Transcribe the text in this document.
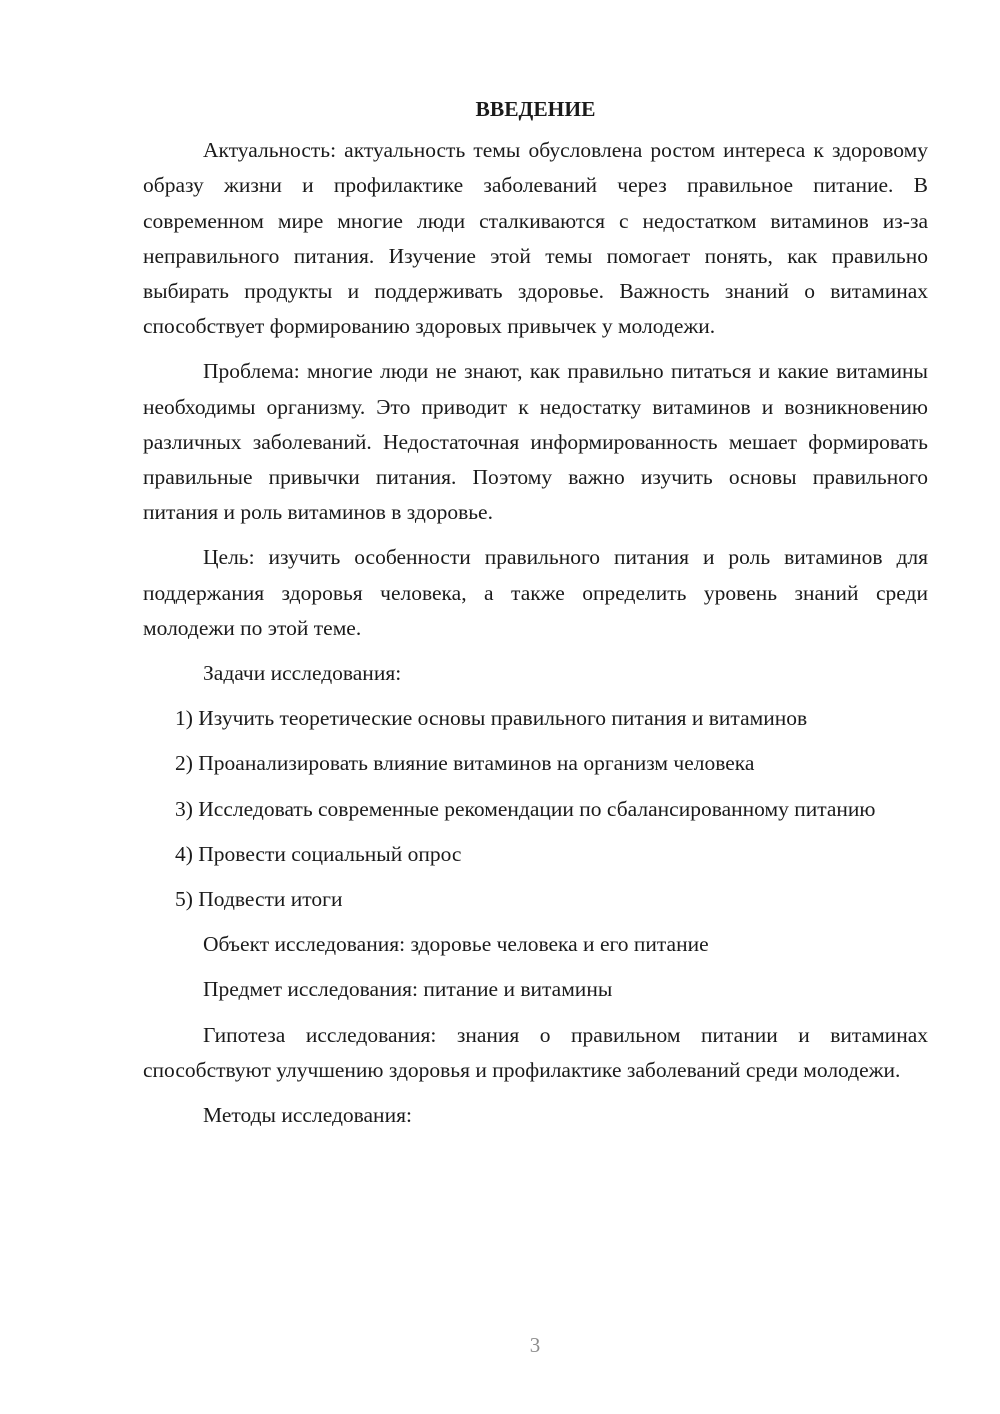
ВВЕДЕНИЕ

Актуальность: актуальность темы обусловлена ростом интереса к здоровому образу жизни и профилактике заболеваний через правильное питание. В современном мире многие люди сталкиваются с недостатком витаминов из-за неправильного питания. Изучение этой темы помогает понять, как правильно выбирать продукты и поддерживать здоровье. Важность знаний о витаминах способствует формированию здоровых привычек у молодежи.

Проблема: многие люди не знают, как правильно питаться и какие витамины необходимы организму. Это приводит к недостатку витаминов и возникновению различных заболеваний. Недостаточная информированность мешает формировать правильные привычки питания. Поэтому важно изучить основы правильного питания и роль витаминов в здоровье.

Цель: изучить особенности правильного питания и роль витаминов для поддержания здоровья человека, а также определить уровень знаний среди молодежи по этой теме.

Задачи исследования:

1) Изучить теоретические основы правильного питания и витаминов

2) Проанализировать влияние витаминов на организм человека

3) Исследовать современные рекомендации по сбалансированному питанию

4) Провести социальный опрос

5) Подвести итоги

Объект исследования: здоровье человека и его питание

Предмет исследования: питание и витамины

Гипотеза исследования: знания о правильном питании и витаминах способствуют улучшению здоровья и профилактике заболеваний среди молодежи.

Методы исследования:

3
